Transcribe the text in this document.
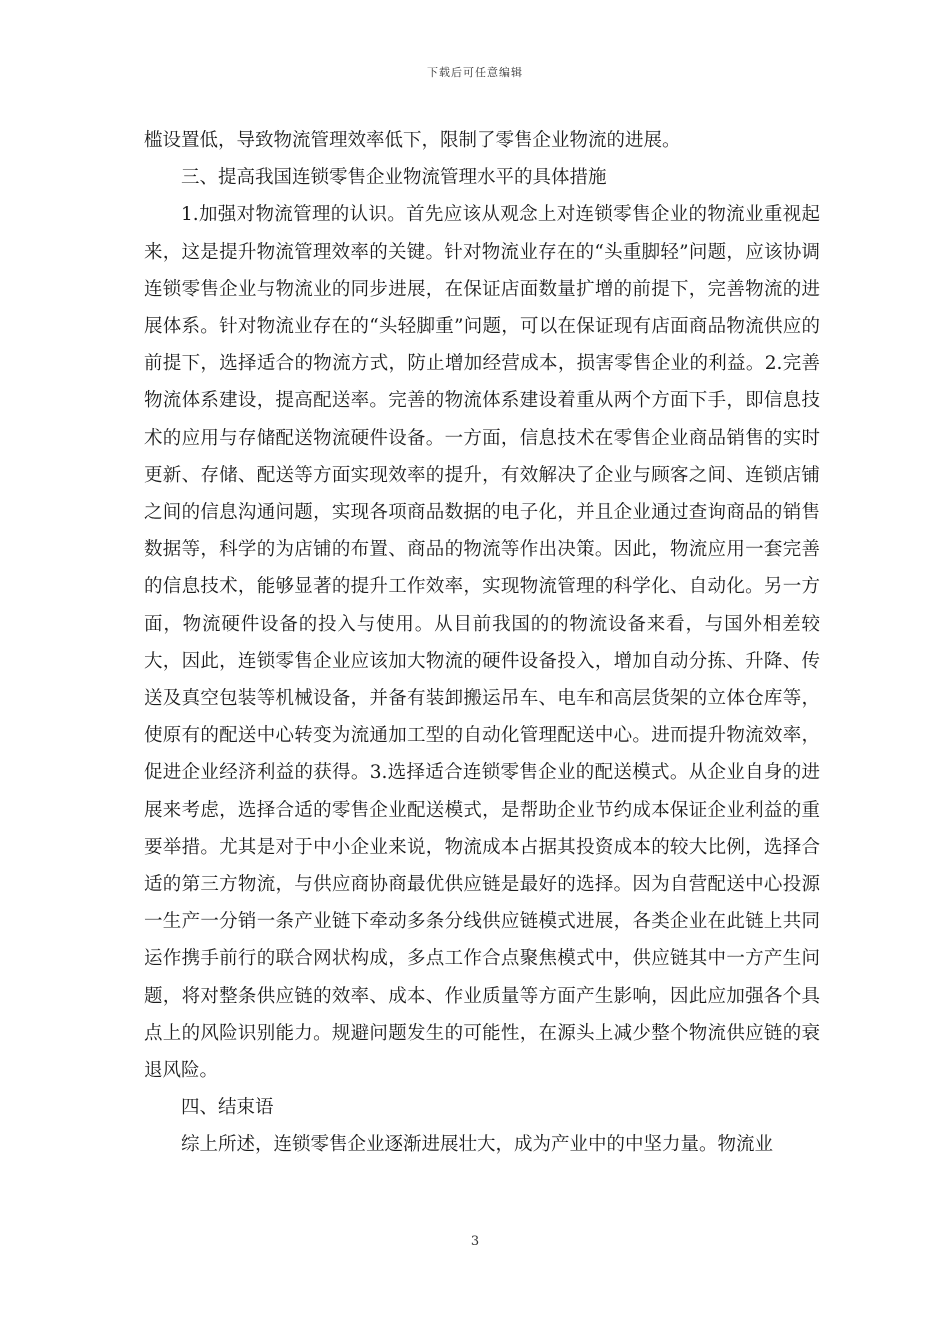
下载后可任意编辑

槛设置低，导致物流管理效率低下，限制了零售企业物流的进展。

三、提高我国连锁零售企业物流管理水平的具体措施

1.加强对物流管理的认识。首先应该从观念上对连锁零售企业的物流业重视起来，这是提升物流管理效率的关键。针对物流业存在的“头重脚轻”问题，应该协调连锁零售企业与物流业的同步进展，在保证店面数量扩增的前提下，完善物流的进展体系。针对物流业存在的“头轻脚重”问题，可以在保证现有店面商品物流供应的前提下，选择适合的物流方式，防止增加经营成本，损害零售企业的利益。2.完善物流体系建设，提高配送率。完善的物流体系建设着重从两个方面下手，即信息技术的应用与存储配送物流硬件设备。一方面，信息技术在零售企业商品销售的实时更新、存储、配送等方面实现效率的提升，有效解决了企业与顾客之间、连锁店铺之间的信息沟通问题，实现各项商品数据的电子化，并且企业通过查询商品的销售数据等，科学的为店铺的布置、商品的物流等作出决策。因此，物流应用一套完善的信息技术，能够显著的提升工作效率，实现物流管理的科学化、自动化。另一方面，物流硬件设备的投入与使用。从目前我国的的物流设备来看，与国外相差较大，因此，连锁零售企业应该加大物流的硬件设备投入，增加自动分拣、升降、传送及真空包装等机械设备，并备有装卸搬运吊车、电车和高层货架的立体仓库等，使原有的配送中心转变为流通加工型的自动化管理配送中心。进而提升物流效率，促进企业经济利益的获得。3.选择适合连锁零售企业的配送模式。从企业自身的进展来考虑，选择合适的零售企业配送模式，是帮助企业节约成本保证企业利益的重要举措。尤其是对于中小企业来说，物流成本占据其投资成本的较大比例，选择合适的第三方物流，与供应商协商最优供应链是最好的选择。因为自营配送中心投源一生产一分销一条产业链下牵动多条分线供应链模式进展，各类企业在此链上共同运作携手前行的联合网状构成，多点工作合点聚焦模式中，供应链其中一方产生问题，将对整条供应链的效率、成本、作业质量等方面产生影响，因此应加强各个具点上的风险识别能力。规避问题发生的可能性，在源头上减少整个物流供应链的衰退风险。

四、结束语

综上所述，连锁零售企业逐渐进展壮大，成为产业中的中坚力量。物流业

3
